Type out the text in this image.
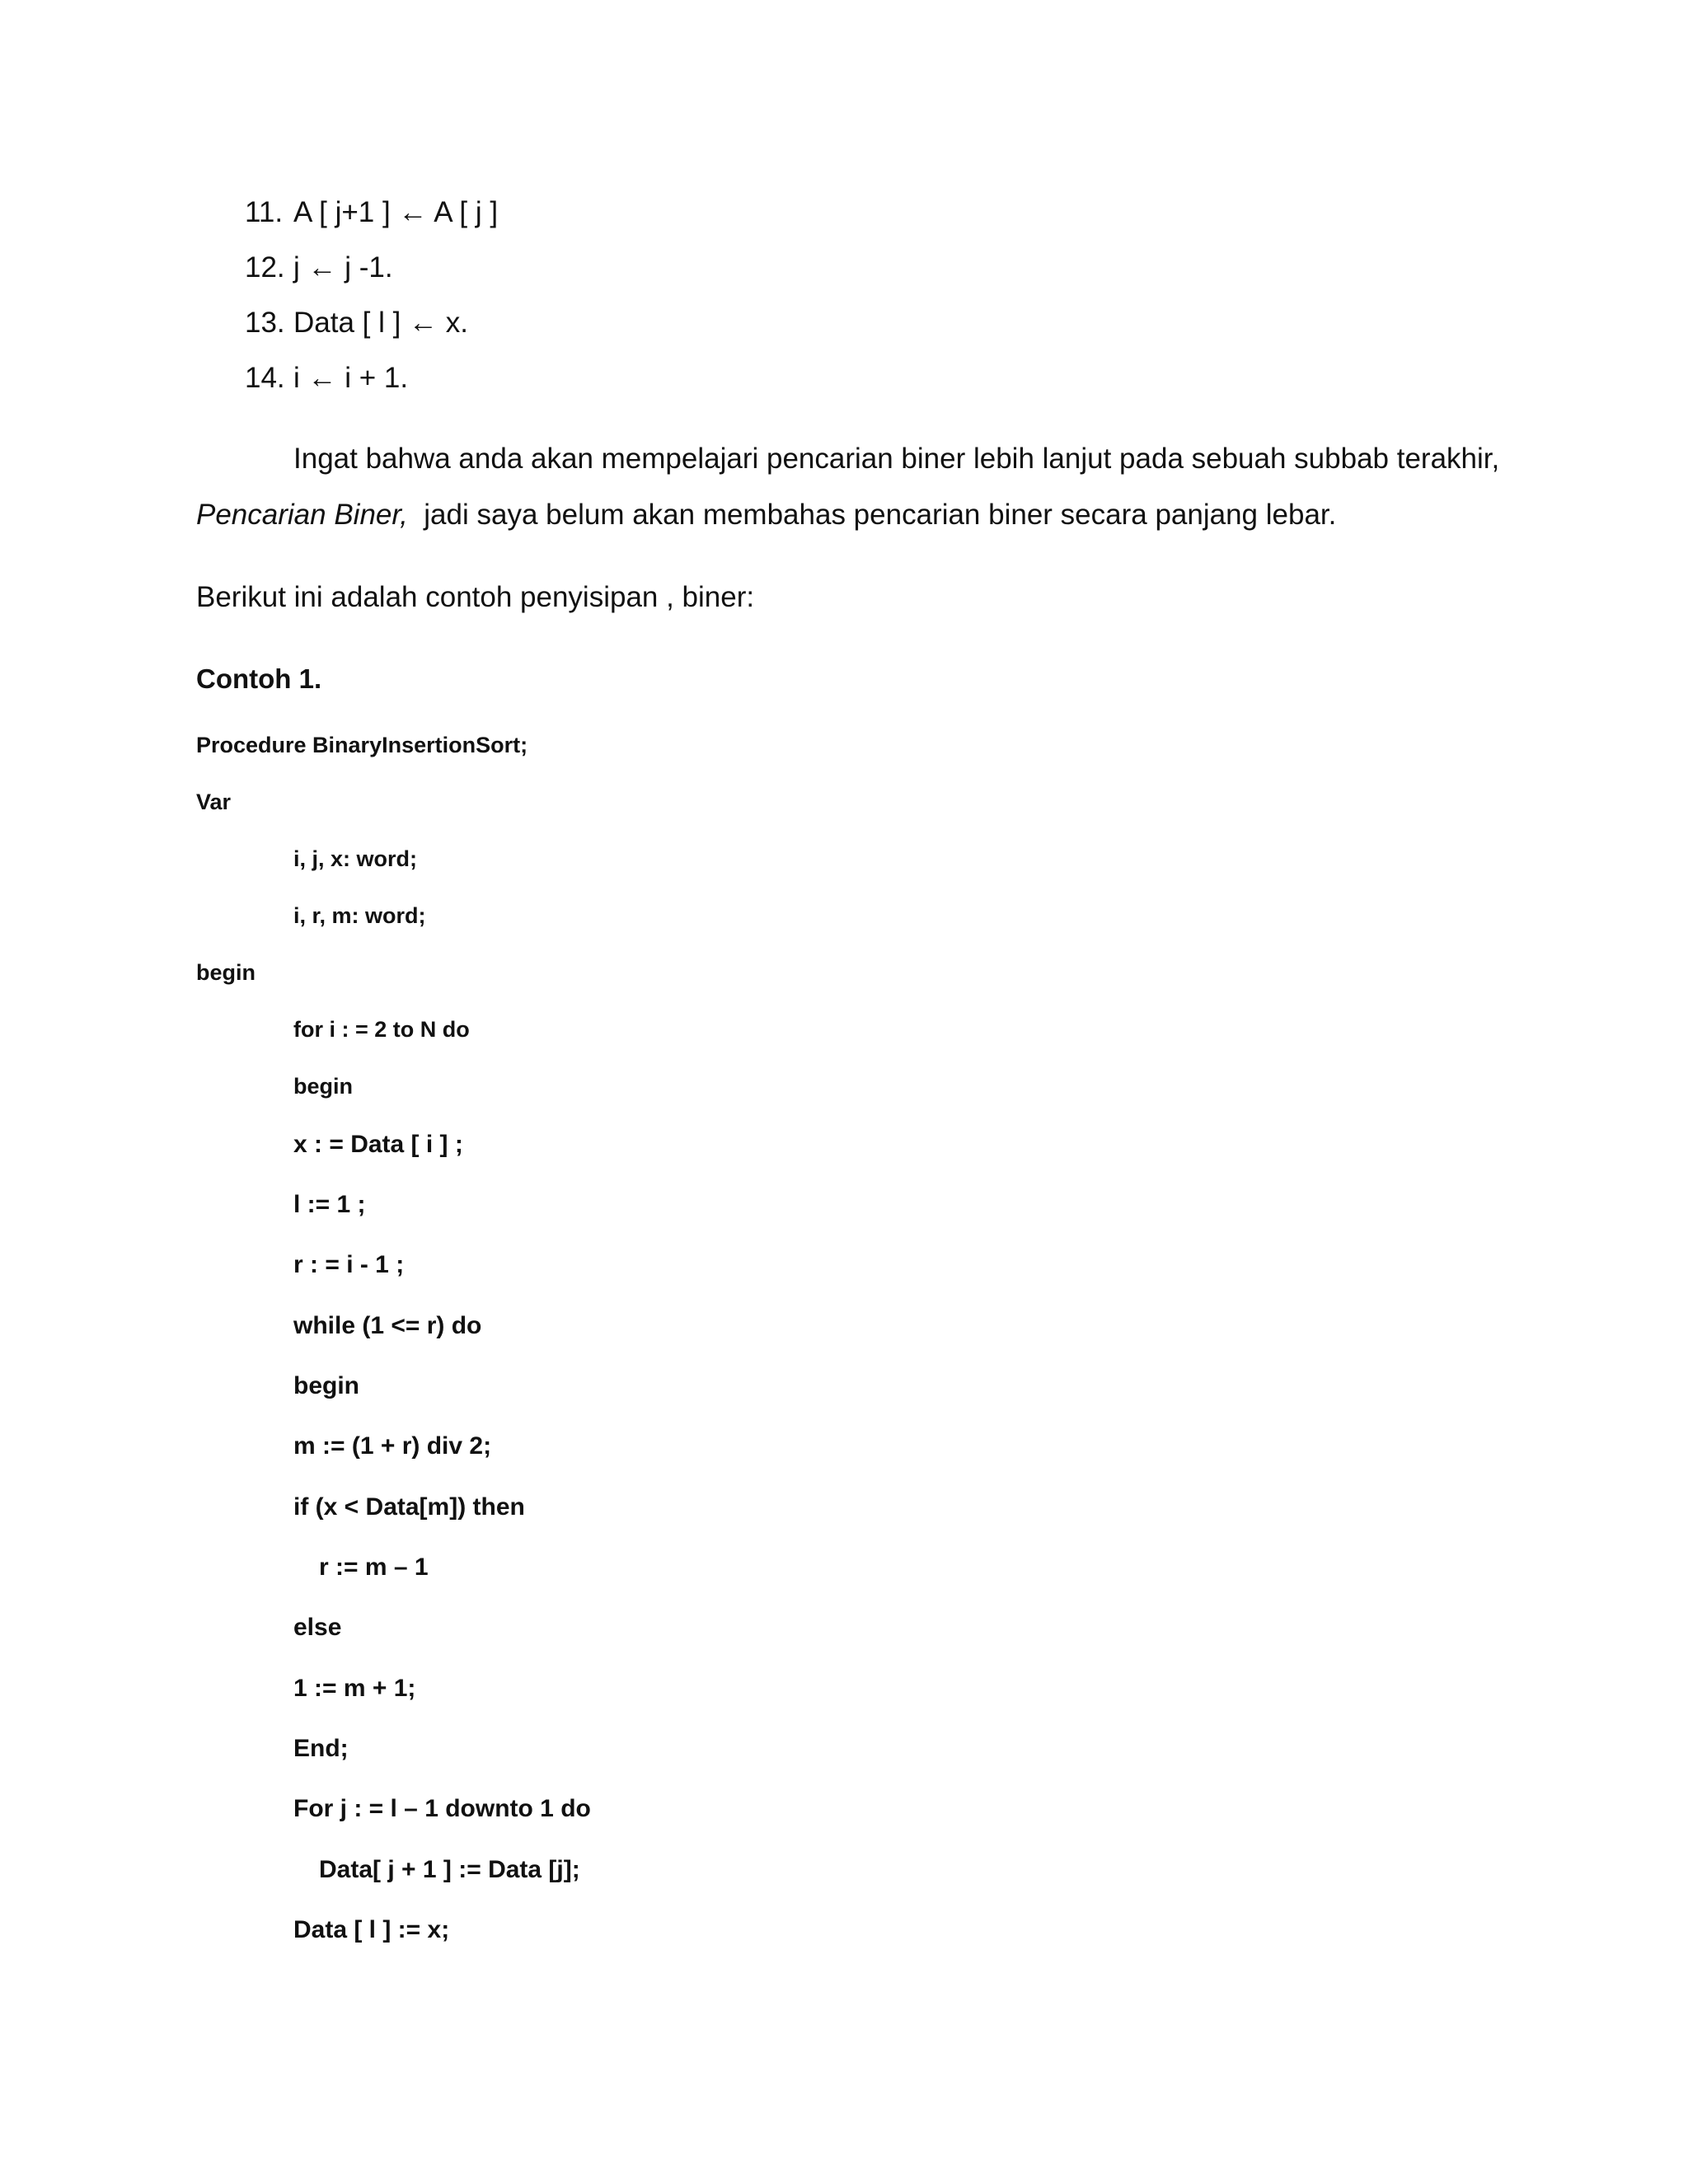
11. A [ j+1 ] ← A [ j ]
12. j ← j -1.
13. Data [ l ] ← x.
14. i ← i + 1.
Ingat bahwa anda akan mempelajari pencarian biner lebih lanjut pada sebuah subbab terakhir,
Pencarian Biner, jadi saya belum akan membahas pencarian biner secara panjang lebar.
Berikut ini adalah contoh penyisipan , biner:
Contoh 1.
Procedure BinaryInsertionSort;
Var
i, j, x: word;
i, r, m: word;
begin
for i : = 2 to N do
begin
x : = Data [ i ] ;
l := 1 ;
r : = i - 1 ;
while (1 <= r) do
begin
m := (1 + r) div 2;
if (x < Data[m]) then
r := m – 1
else
1 := m + 1;
End;
For j : = l – 1 downto 1 do
Data[ j + 1 ] := Data [j];
Data [ l ] := x;
